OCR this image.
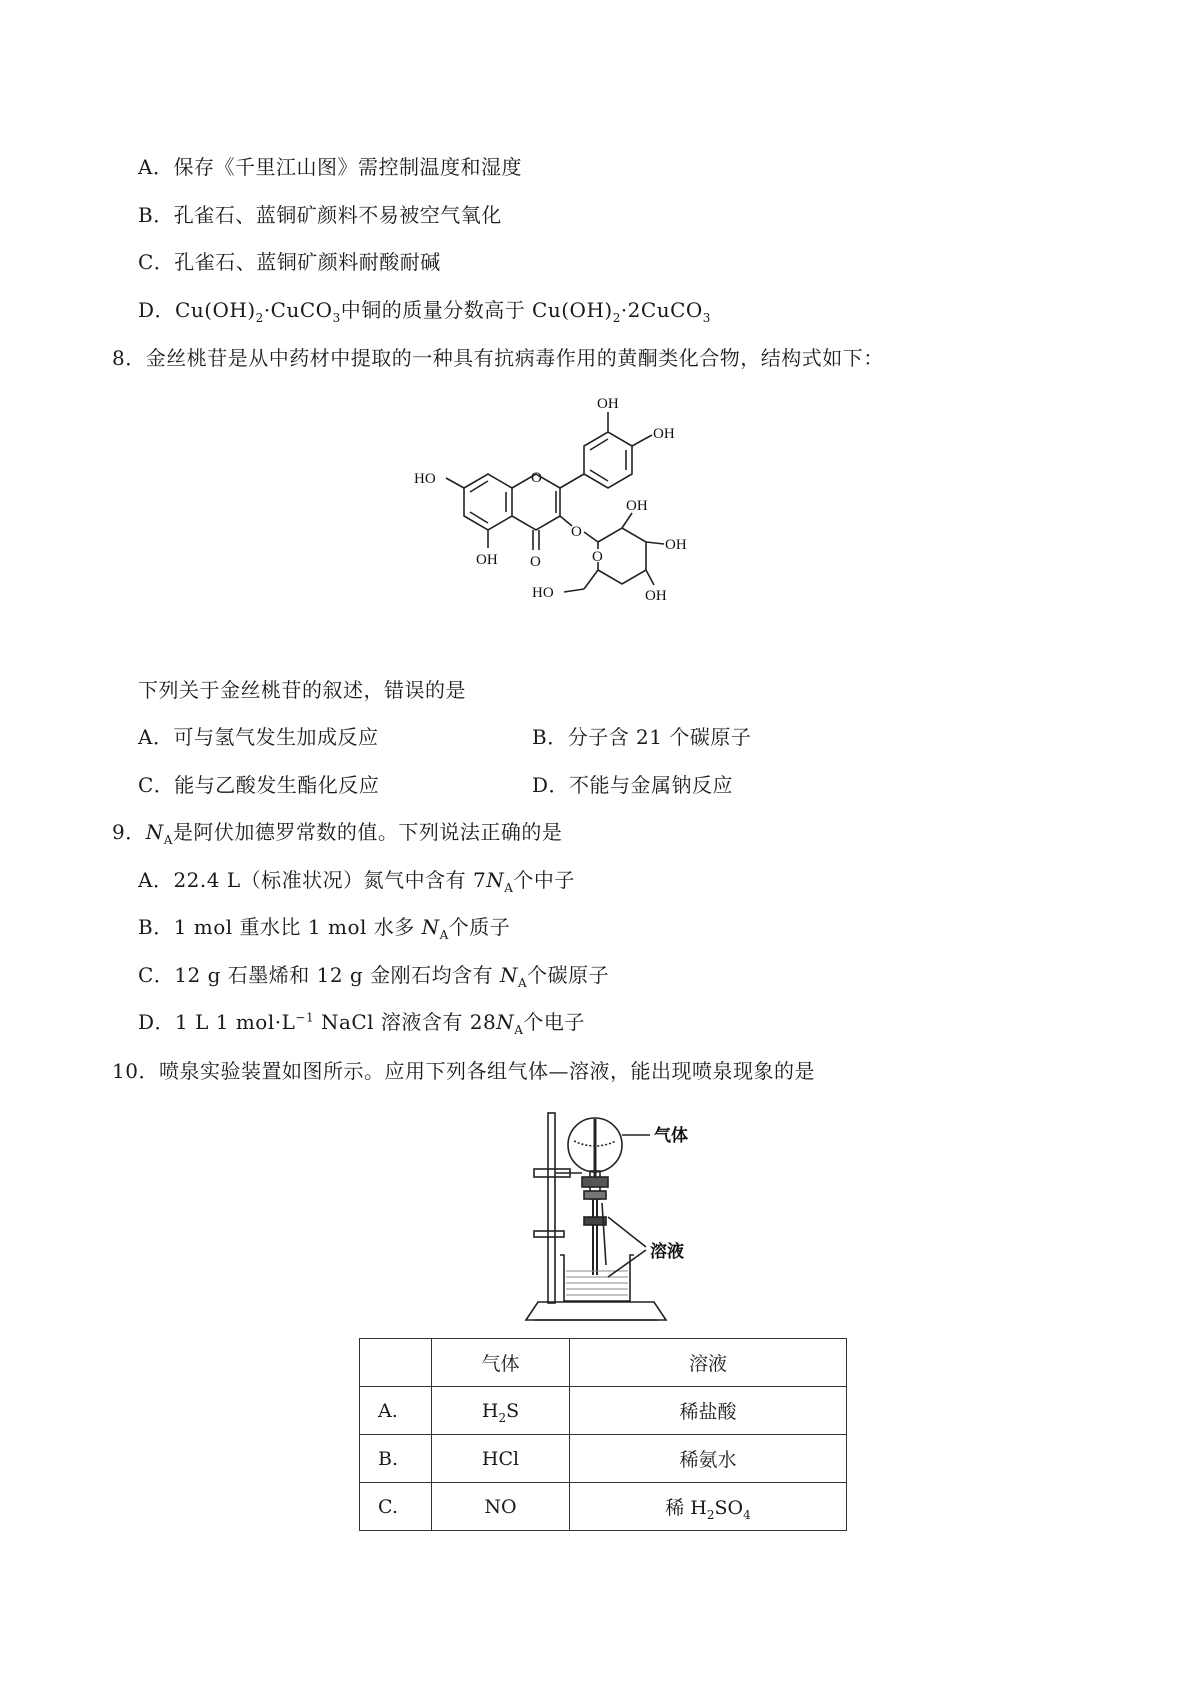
A．保存《千里江山图》需控制温度和湿度
B．孔雀石、蓝铜矿颜料不易被空气氧化
C．孔雀石、蓝铜矿颜料耐酸耐碱
D．$Cu(OH)_2\cdot CuCO_3$中铜的质量分数高于 $Cu(OH)_2\cdot 2CuCO_3$
8．金丝桃苷是从中药材中提取的一种具有抗病毒作用的黄酮类化合物，结构式如下：
OH
OH
HO	O
O
OH
O
O
OH
OH
OH
HO
下列关于金丝桃苷的叙述，错误的是
A．可与氢气发生加成反应	B．分子含 21 个碳原子
C．能与乙酸发生酯化反应	D．不能与金属钠反应
9．$N_A$是阿伏加德罗常数的值。下列说法正确的是
A．22.4 L（标准状况）氮气中含有 $7N_A$个中子
B．1 mol 重水比 1 mol 水多 $N_A$个质子
C．12 g 石墨烯和 12 g 金刚石均含有 $N_A$个碳原子
D．1 L 1 $mol\cdot L^{-1}$ NaCl 溶液含有 $28N_A$个电子
10．喷泉实验装置如图所示。应用下列各组气体—溶液，能出现喷泉现象的是
气体
溶液
	气体	溶液
A.	$H_2S$	稀盐酸
B.	HCl	稀氨水
C.	NO	稀 $H_2SO_4$
